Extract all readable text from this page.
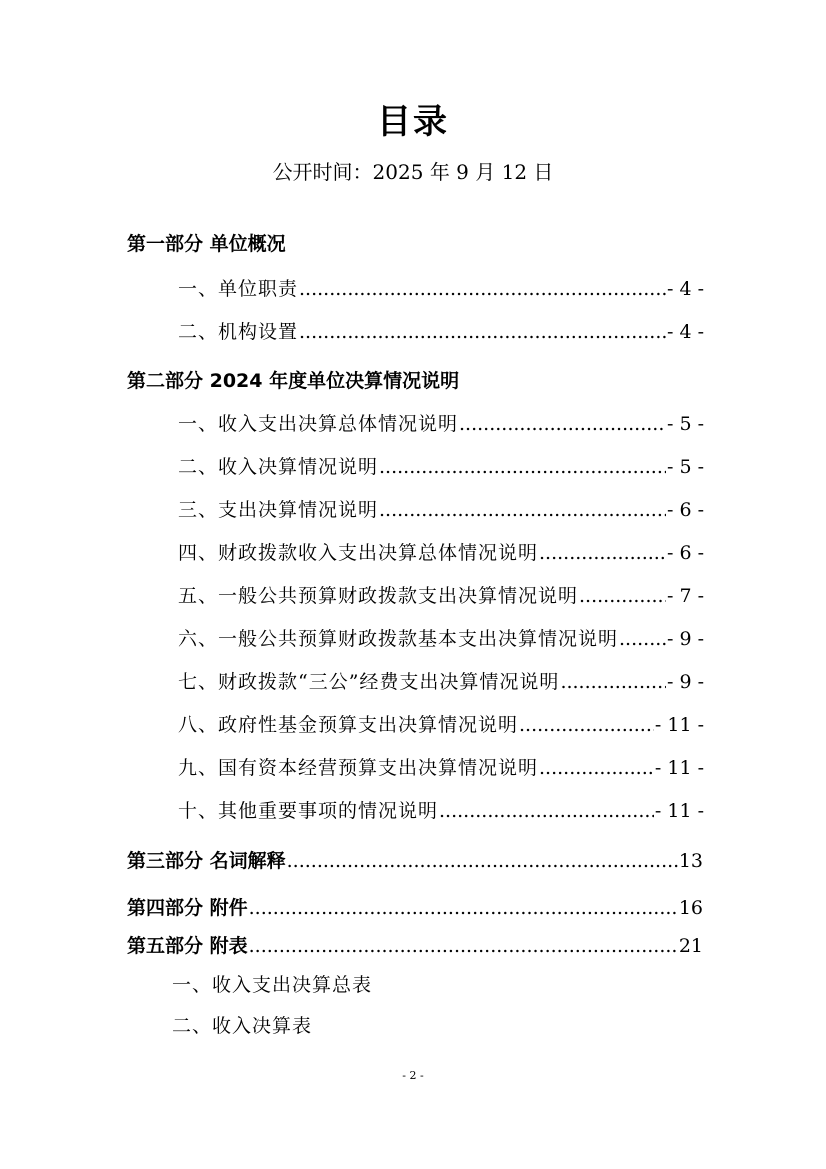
目录
公开时间：2025 年 9 月 12 日
第一部分 单位概况
一、单位职责 .....	- 4 -
二、机构设置 .....	- 4 -
第二部分 2024 年度单位决算情况说明
一、收入支出决算总体情况说明 .....	- 5 -
二、收入决算情况说明 .....	- 5 -
三、支出决算情况说明 .....	- 6 -
四、财政拨款收入支出决算总体情况说明 .....	- 6 -
五、一般公共预算财政拨款支出决算情况说明 .....	- 7 -
六、一般公共预算财政拨款基本支出决算情况说明 .....	- 9 -
七、财政拨款“三公”经费支出决算情况说明 .....	- 9 -
八、政府性基金预算支出决算情况说明 .....	- 11 -
九、国有资本经营预算支出决算情况说明 .....	- 11 -
十、其他重要事项的情况说明 .....	- 11 -
第三部分 名词解释 .....	13
第四部分 附件 .....	16
第五部分 附表 .....	21
一、收入支出决算总表
二、收入决算表
- 2 -
